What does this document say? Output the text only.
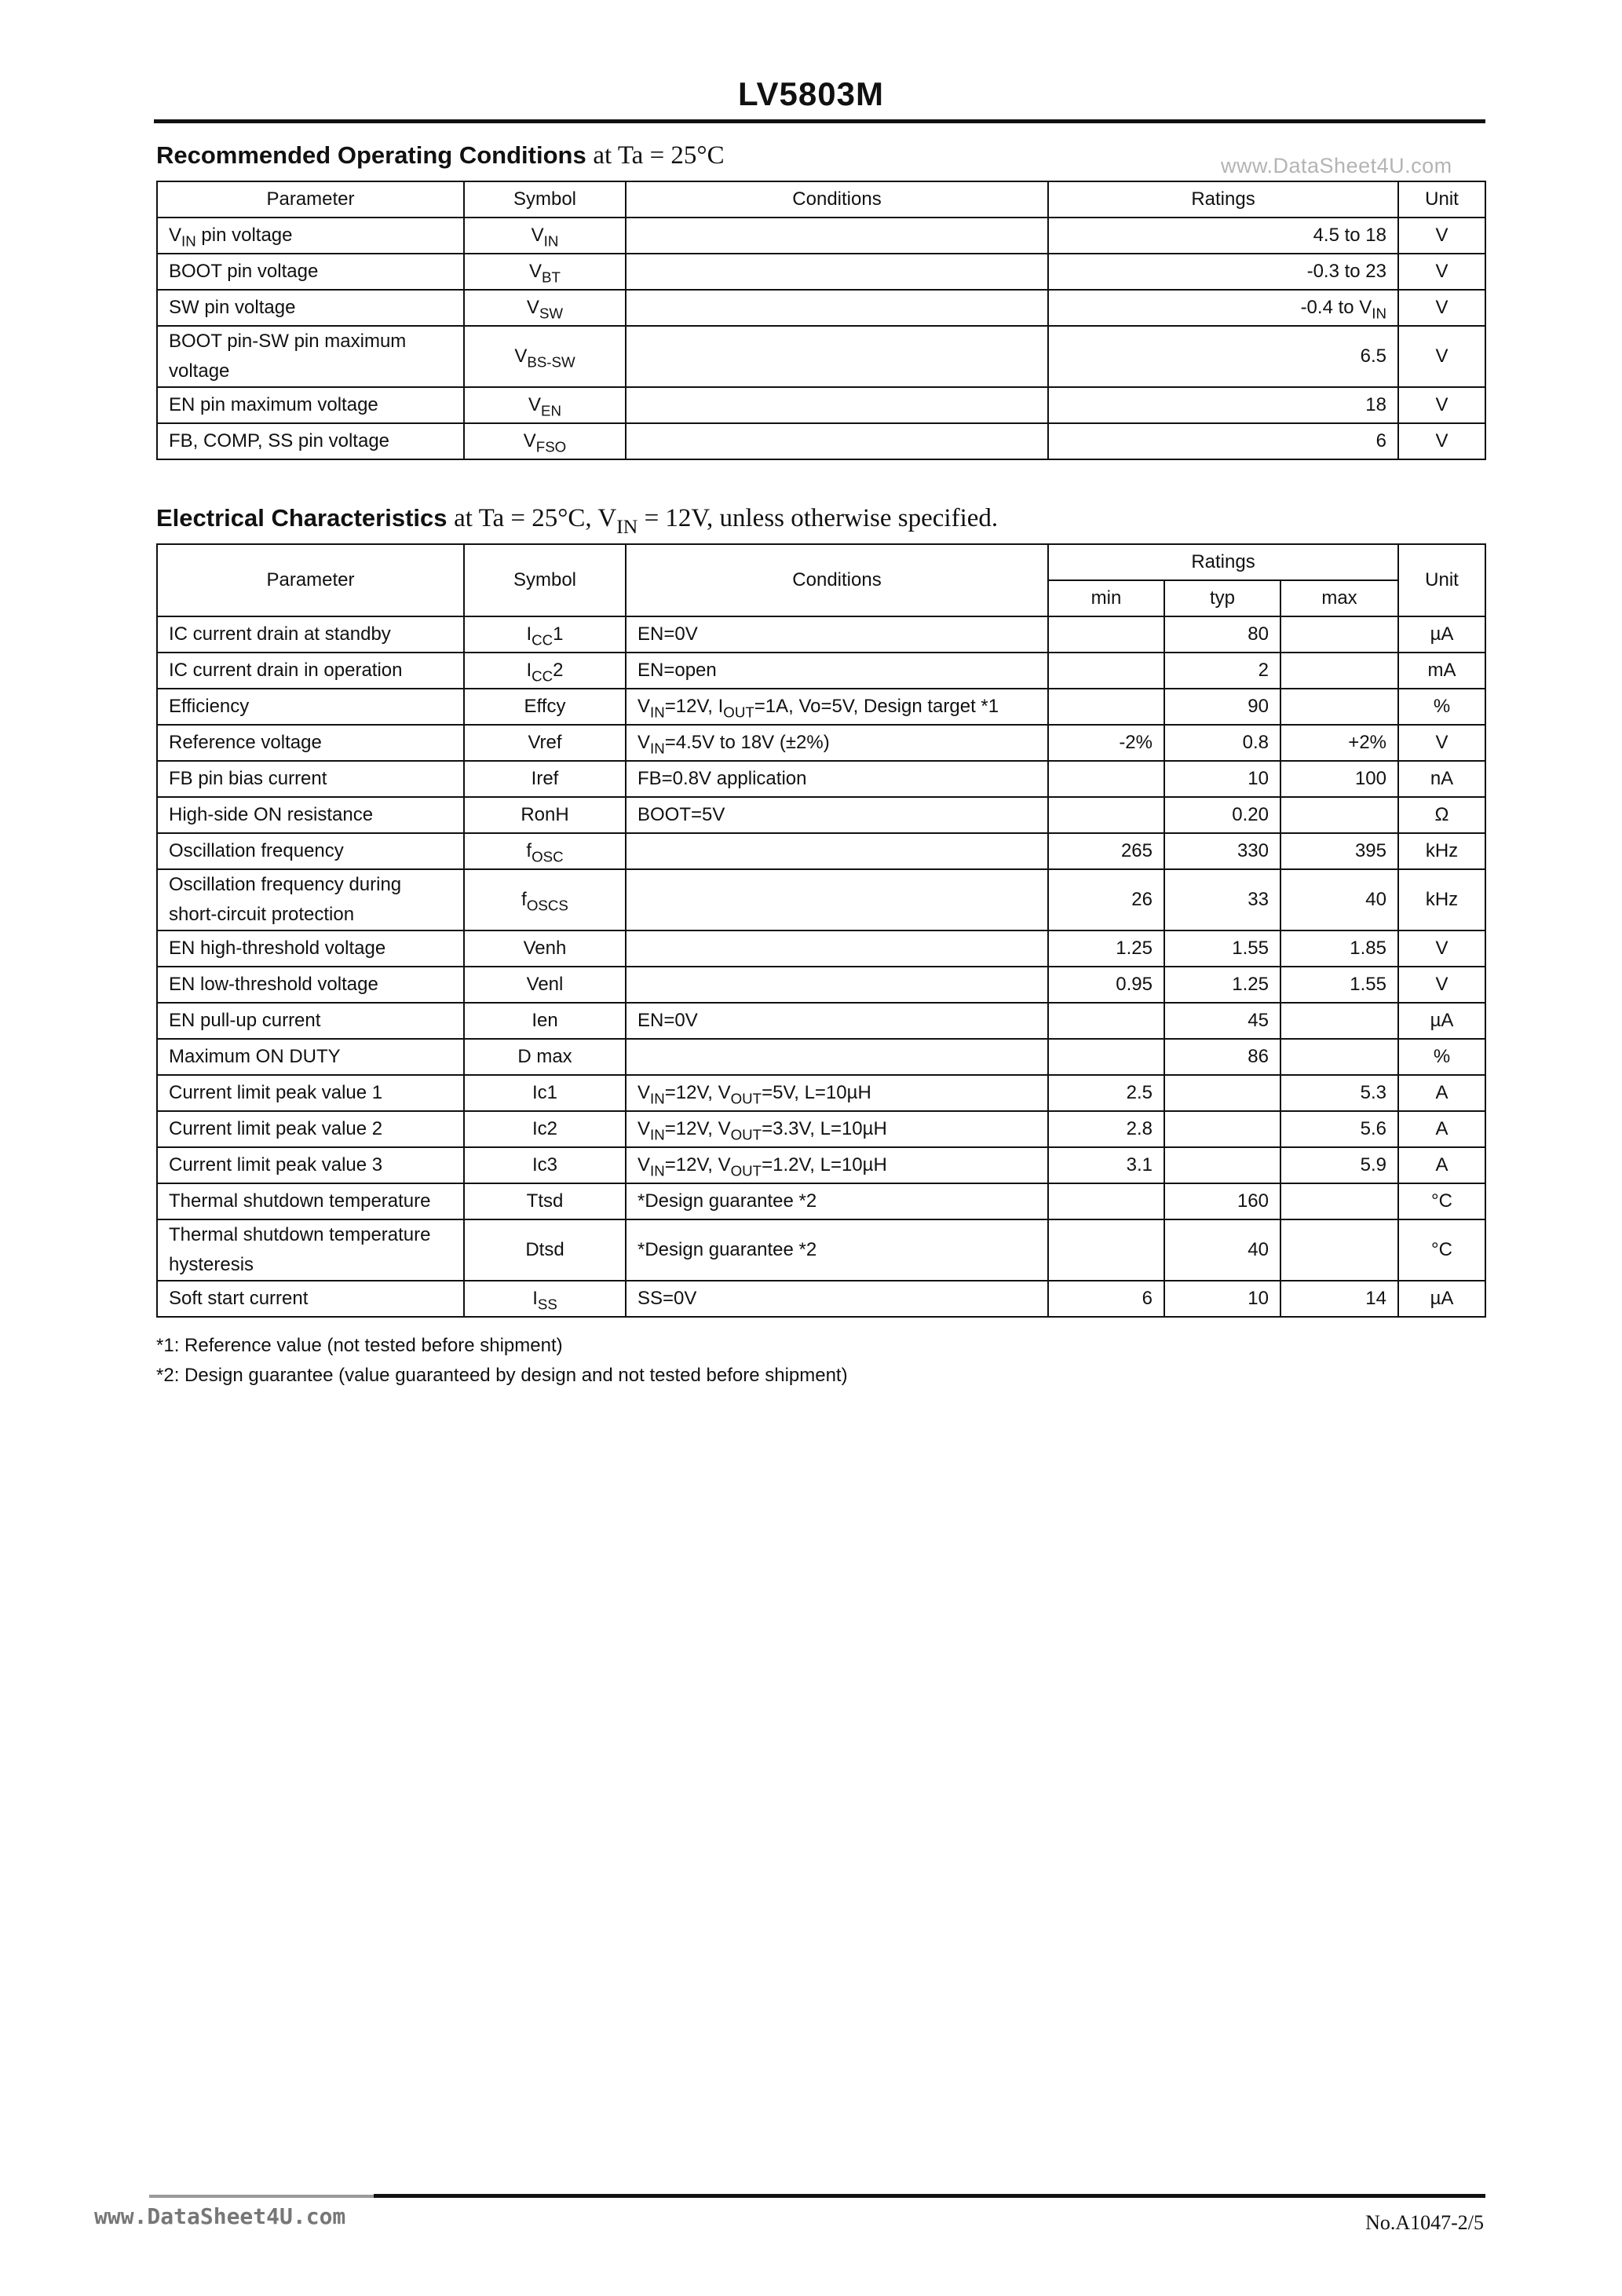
LV5803M
Recommended Operating Conditions at Ta = 25°C	www.DataSheet4U.com
Parameter	Symbol	Conditions	Ratings	Unit
$V_{IN}$ pin voltage	$V_{IN}$		4.5 to 18	V
BOOT pin voltage	$V_{BT}$		-0.3 to 23	V
SW pin voltage	$V_{SW}$		-0.4 to $V_{IN}$	V
BOOT pin-SW pin maximum voltage	$V_{BS-SW}$		6.5	V
EN pin maximum voltage	$V_{EN}$		18	V
FB, COMP, SS pin voltage	$V_{FSO}$		6	V
Electrical Characteristics at Ta = 25°C, $V_{IN} = 12V$, unless otherwise specified.
Parameter	Symbol	Conditions	Ratings			Unit
			min	typ	max	
IC current drain at standby	$I_{CC}1$	EN=0V		80		µA
IC current drain in operation	$I_{CC}2$	EN=open		2		mA
Efficiency	Effcy	$V_{IN}=12V$, $I_{OUT}=1A$, Vo=5V, Design target *1		90		%
Reference voltage	Vref	$V_{IN}=4.5V$ to 18V (±2%)	-2%	0.8	+2%	V
FB pin bias current	Iref	FB=0.8V application		10	100	nA
High-side ON resistance	RonH	BOOT=5V		0.20		Ω
Oscillation frequency	$f_{OSC}$		265	330	395	kHz
Oscillation frequency during short-circuit protection	$f_{OSCS}$		26	33	40	kHz
EN high-threshold voltage	Venh		1.25	1.55	1.85	V
EN low-threshold voltage	Venl		0.95	1.25	1.55	V
EN pull-up current	Ien	EN=0V		45		µA
Maximum ON DUTY	D max			86		%
Current limit peak value 1	Ic1	$V_{IN}=12V$, $V_{OUT}=5V$, L=10µH	2.5		5.3	A
Current limit peak value 2	Ic2	$V_{IN}=12V$, $V_{OUT}=3.3V$, L=10µH	2.8		5.6	A
Current limit peak value 3	Ic3	$V_{IN}=12V$, $V_{OUT}=1.2V$, L=10µH	3.1		5.9	A
Thermal shutdown temperature	Ttsd	*Design guarantee *2		160		°C
Thermal shutdown temperature hysteresis	Dtsd	*Design guarantee *2		40		°C
Soft start current	$I_{SS}$	SS=0V	6	10	14	µA
*1: Reference value (not tested before shipment)
*2: Design guarantee (value guaranteed by design and not tested before shipment)
www.DataSheet4U.com	No.A1047-2/5
